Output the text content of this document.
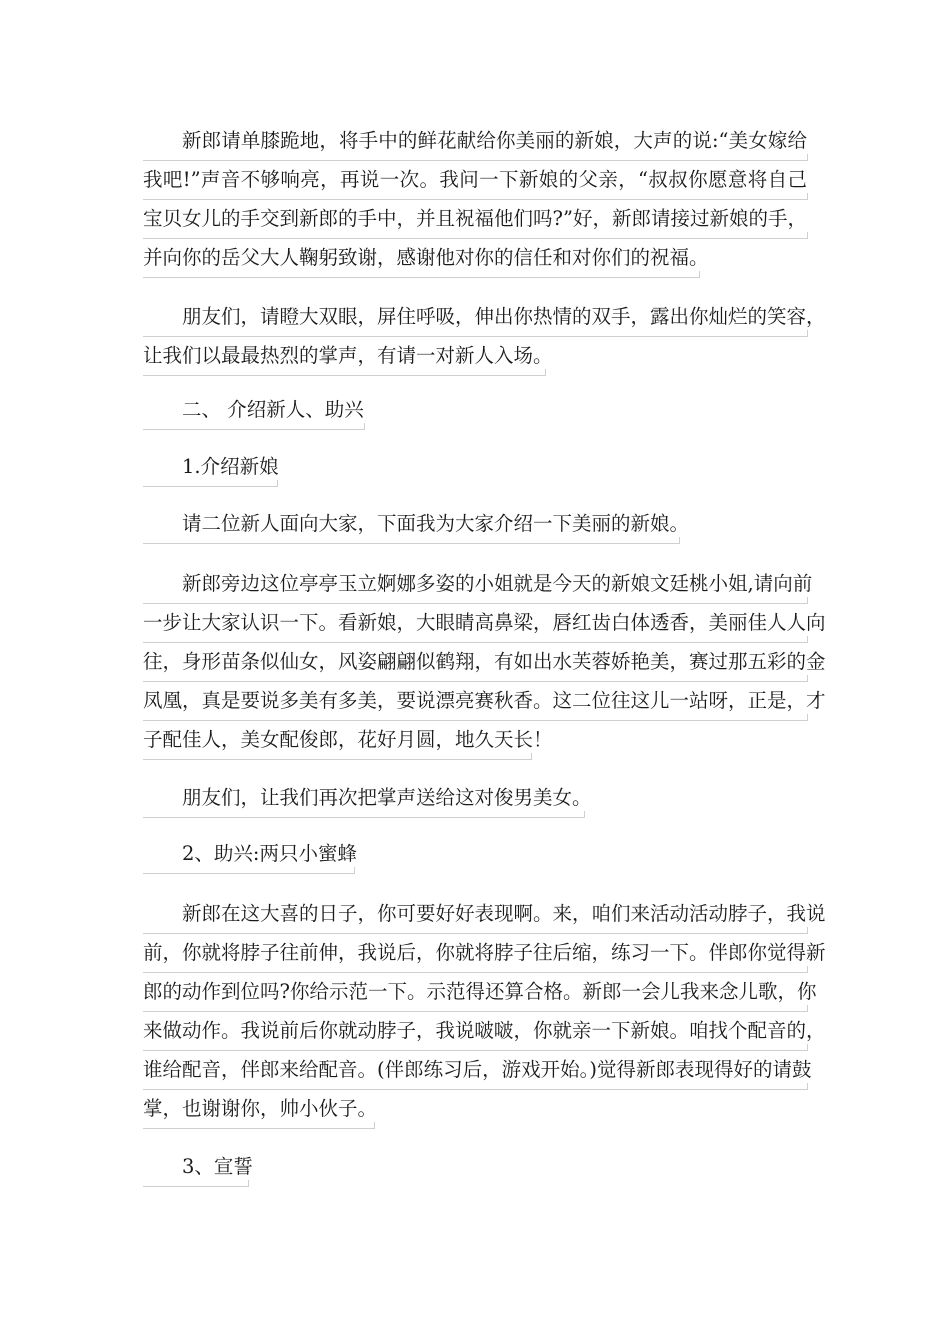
新郎请单膝跪地，将手中的鲜花献给你美丽的新娘，大声的说:“美女嫁给
我吧!”声音不够响亮，再说一次。我问一下新娘的父亲，“叔叔你愿意将自己
宝贝女儿的手交到新郎的手中，并且祝福他们吗?”好，新郎请接过新娘的手，
并向你的岳父大人鞠躬致谢，感谢他对你的信任和对你们的祝福。
朋友们，请瞪大双眼，屏住呼吸，伸出你热情的双手，露出你灿烂的笑容，
让我们以最最热烈的掌声，有请一对新人入场。
二、 介绍新人、助兴
1.介绍新娘
请二位新人面向大家，下面我为大家介绍一下美丽的新娘。
新郎旁边这位亭亭玉立婀娜多姿的小姐就是今天的新娘文廷桃小姐,请向前
一步让大家认识一下。看新娘，大眼睛高鼻梁，唇红齿白体透香，美丽佳人人向
往，身形苗条似仙女，风姿翩翩似鹤翔，有如出水芙蓉娇艳美，赛过那五彩的金
凤凰，真是要说多美有多美，要说漂亮赛秋香。这二位往这儿一站呀，正是，才
子配佳人，美女配俊郎，花好月圆，地久天长！
朋友们，让我们再次把掌声送给这对俊男美女。
2、助兴:两只小蜜蜂
新郎在这大喜的日子，你可要好好表现啊。来，咱们来活动活动脖子，我说
前，你就将脖子往前伸，我说后，你就将脖子往后缩，练习一下。伴郎你觉得新
郎的动作到位吗?你给示范一下。示范得还算合格。新郎一会儿我来念儿歌，你
来做动作。我说前后你就动脖子，我说啵啵，你就亲一下新娘。咱找个配音的，
谁给配音，伴郎来给配音。(伴郎练习后，游戏开始。)觉得新郎表现得好的请鼓
掌，也谢谢你，帅小伙子。
3、宣誓
